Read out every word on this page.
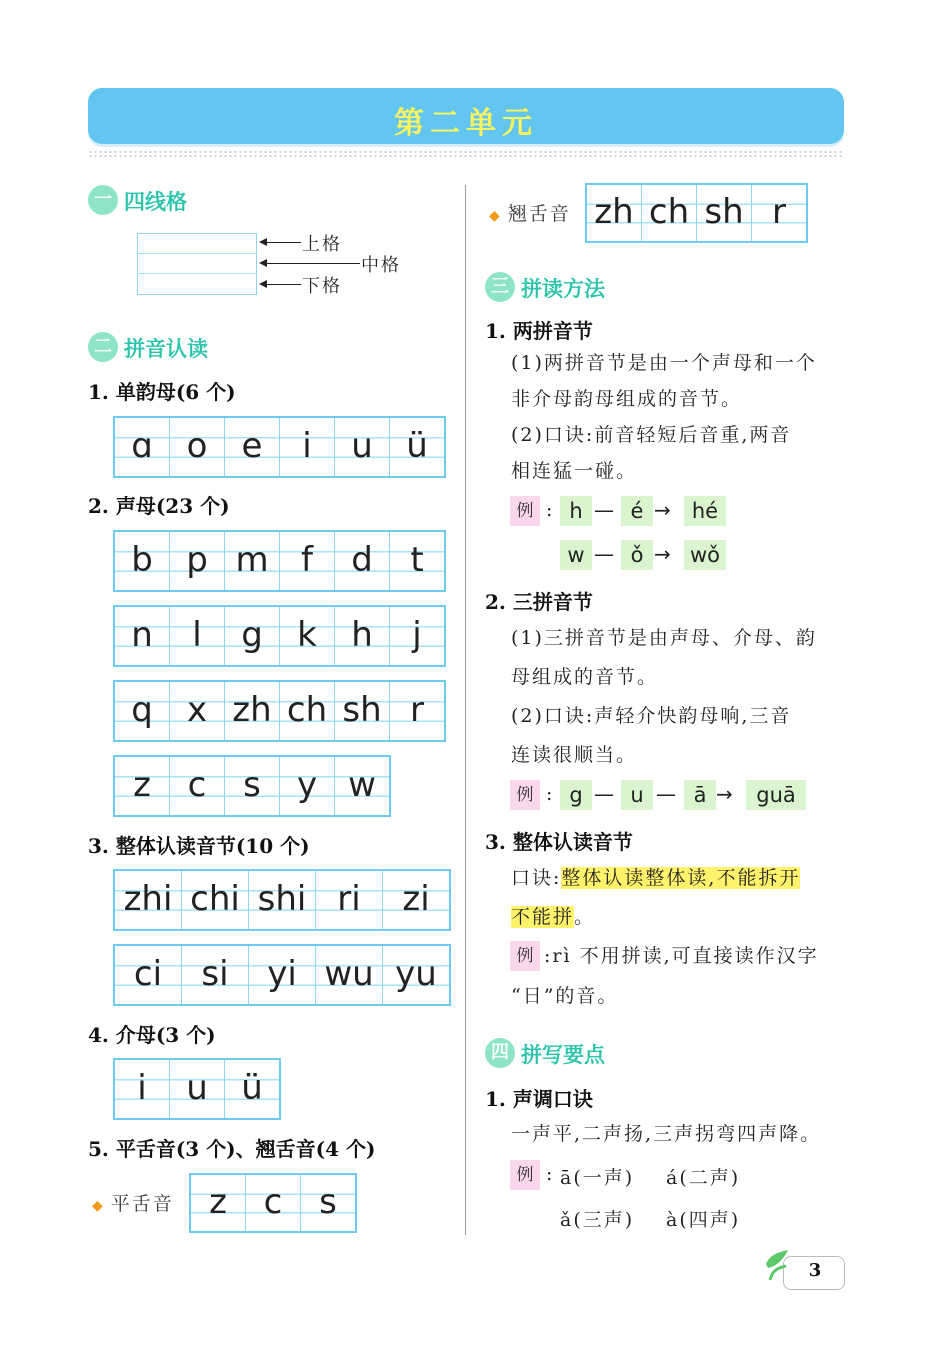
第二单元
一 四线格
上格
中格
下格
二 拼音认读
1. 单韵母(6 个)
ɑ o	e	i	u ü
2. 声母(23 个)
b p m f	d	t
n	l	g	k	h	j
q	x zh ch sh r
z	c	s	y w
3. 整体认读音节(10 个)
zhi chi shi ri	zi
ci	si	yi wu yu
4. 介母(3 个)
i	u ü
5. 平舌音(3 个)、翘舌音(4 个)
◆ 平舌音	z	c	s
◆ 翘舌音 zh ch sh r
三 拼读方法
1. 两拼音节
(1)两拼音节是由一个声母和一个
非介母韵母组成的音节。
(2)口诀:前音轻短后音重,两音
相连猛一碰。
例 : h — é →	hé
w — ǒ → wǒ
2. 三拼音节
(1)三拼音节是由声母、介母、韵
母组成的音节。
(2)口诀:声轻介快韵母响,三音
连读很顺当。
例 : g — u — ā →	guā
3. 整体认读音节
口诀:整体认读整体读,不能拆开
不能拼。
例 :rì 不用拼读,可直接读作汉字
“日”的音。
四 拼写要点
1. 声调口诀
一声平,二声扬,三声拐弯四声降。
例 : ā(一声) á(二声)
ǎ(三声) à(四声)
3
